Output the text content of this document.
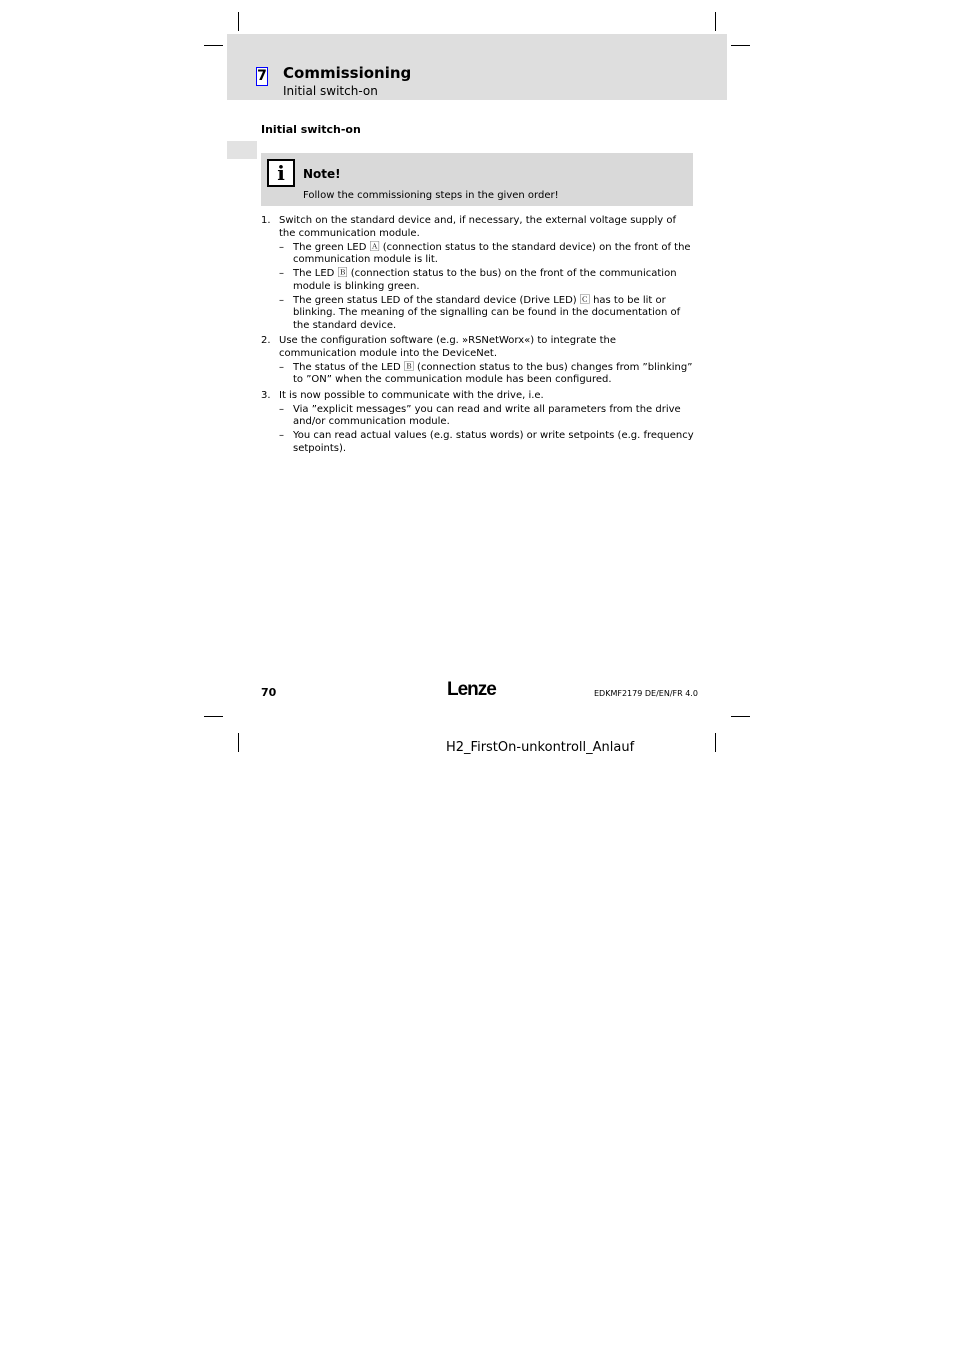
7 Commissioning
Initial switch-on
Initial switch-on
i	Note!
Follow the commissioning steps in the given order!
1. Switch on the standard device and, if necessary, the external voltage supply of the communication module.
– The green LED 🄰 (connection status to the standard device) on the front of the communication module is lit.
– The LED 🄱 (connection status to the bus) on the front of the communication module is blinking green.
– The green status LED of the standard device (Drive LED) 🄲 has to be lit or blinking. The meaning of the signalling can be found in the documentation of the standard device.
2. Use the configuration software (e.g. »RSNetWorx«) to integrate the communication module into the DeviceNet.
– The status of the LED 🄱 (connection status to the bus) changes from ”blinking” to ”ON” when the communication module has been configured.
3. It is now possible to communicate with the drive, i.e.
– Via ”explicit messages” you can read and write all parameters from the drive and/or communication module.
– You can read actual values (e.g. status words) or write setpoints (e.g. frequency setpoints).
70	Lenze	EDKMF2179 DE/EN/FR 4.0
H2_FirstOn-unkontroll_Anlauf
